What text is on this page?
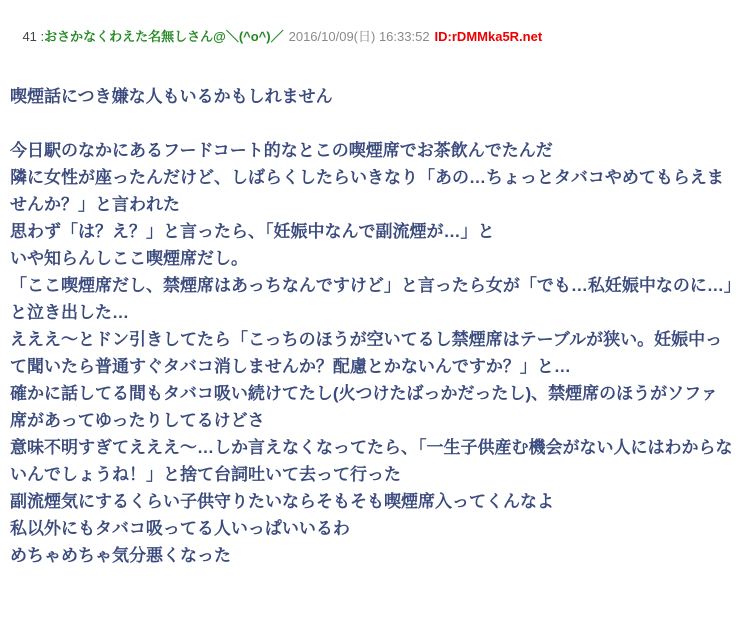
41 :おさかなくわえた名無しさん@＼(^o^)／ 2016/10/09(日) 16:33:52 ID:rDMMka5R.net

喫煙話につき嫌な人もいるかもしれません

今日駅のなかにあるフードコート的なとこの喫煙席でお茶飲んでたんだ
隣に女性が座ったんだけど、しばらくしたらいきなり「あの…ちょっとタバコやめてもらえませんか？」と言われた
思わず「は？え？」と言ったら、「妊娠中なんで副流煙が…」と
いや知らんしここ喫煙席だし。
「ここ喫煙席だし、禁煙席はあっちなんですけど」と言ったら女が「でも…私妊娠中なのに…」と泣き出した…
えええ～とドン引きしてたら「こっちのほうが空いてるし禁煙席はテーブルが狭い。妊娠中って聞いたら普通すぐタバコ消しませんか？配慮とかないんですか？」と…
確かに話してる間もタバコ吸い続けてたし(火つけたばっかだったし)、禁煙席のほうがソファ席があってゆったりしてるけどさ
意味不明すぎてえええ～…しか言えなくなってたら、「一生子供産む機会がない人にはわからないんでしょうね！」と捨て台詞吐いて去って行った
副流煙気にするくらい子供守りたいならそもそも喫煙席入ってくんなよ
私以外にもタバコ吸ってる人いっぱいいるわ
めちゃめちゃ気分悪くなった
